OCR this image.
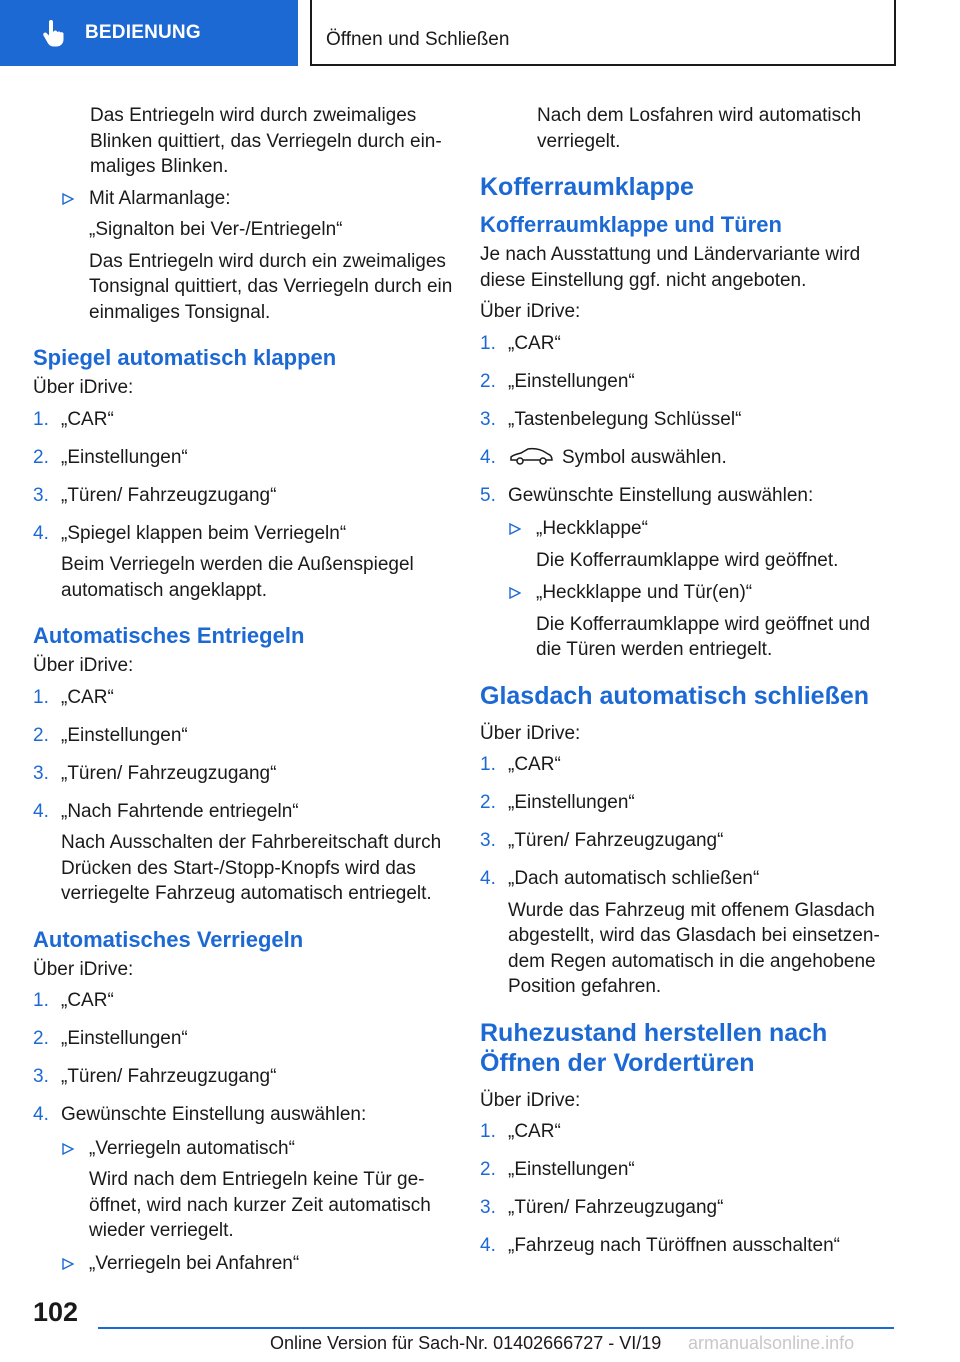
BEDIENUNG	Öffnen und Schließen

Das Entriegeln wird durch zweimaliges Blinken quittiert, das Verriegeln durch einmaliges Blinken.

Mit Alarmanlage:
„Signalton bei Ver-/Entriegeln“
Das Entriegeln wird durch ein zweimaliges Tonsignal quittiert, das Verriegeln durch ein einmaliges Tonsignal.
Spiegel automatisch klappen

Über iDrive:

1. „CAR“
2. „Einstellungen“
3. „Türen/ Fahrzeugzugang“
4. „Spiegel klappen beim Verriegeln“
Beim Verriegeln werden die Außenspiegel automatisch angeklappt.
Automatisches Entriegeln

Über iDrive:

1. „CAR“
2. „Einstellungen“
3. „Türen/ Fahrzeugzugang“
4. „Nach Fahrtende entriegeln“
Nach Ausschalten der Fahrbereitschaft durch Drücken des Start-/Stopp-Knopfs wird das verriegelte Fahrzeug automatisch entriegelt.
Automatisches Verriegeln

Über iDrive:

1. „CAR“
2. „Einstellungen“
3. „Türen/ Fahrzeugzugang“
4. Gewünschte Einstellung auswählen:
„Verriegeln automatisch“
Wird nach dem Entriegeln keine Tür geöffnet, wird nach kurzer Zeit automatisch wieder verriegelt.
„Verriegeln bei Anfahren“

Nach dem Losfahren wird automatisch verriegelt.

Kofferraumklappe
Kofferraumklappe und Türen

Je nach Ausstattung und Ländervariante wird diese Einstellung ggf. nicht angeboten.

Über iDrive:

1. „CAR“
2. „Einstellungen“
3. „Tastenbelegung Schlüssel“
4.	Symbol auswählen.
5. Gewünschte Einstellung auswählen:
„Heckklappe“
Die Kofferraumklappe wird geöffnet.
„Heckklappe und Tür(en)“
Die Kofferraumklappe wird geöffnet und die Türen werden entriegelt.
Glasdach automatisch schließen

Über iDrive:

1. „CAR“
2. „Einstellungen“
3. „Türen/ Fahrzeugzugang“
4. „Dach automatisch schließen“
Wurde das Fahrzeug mit offenem Glasdach abgestellt, wird das Glasdach bei einsetzendem Regen automatisch in die angehobene Position gefahren.
Ruhezustand herstellen nach
Öffnen der Vordertüren

Über iDrive:

1. „CAR“
2. „Einstellungen“
3. „Türen/ Fahrzeugzugang“
4. „Fahrzeug nach Türöffnen ausschalten“
102
Online Version für Sach-Nr. 01402666727 - VI/19 armanualsonline.info
